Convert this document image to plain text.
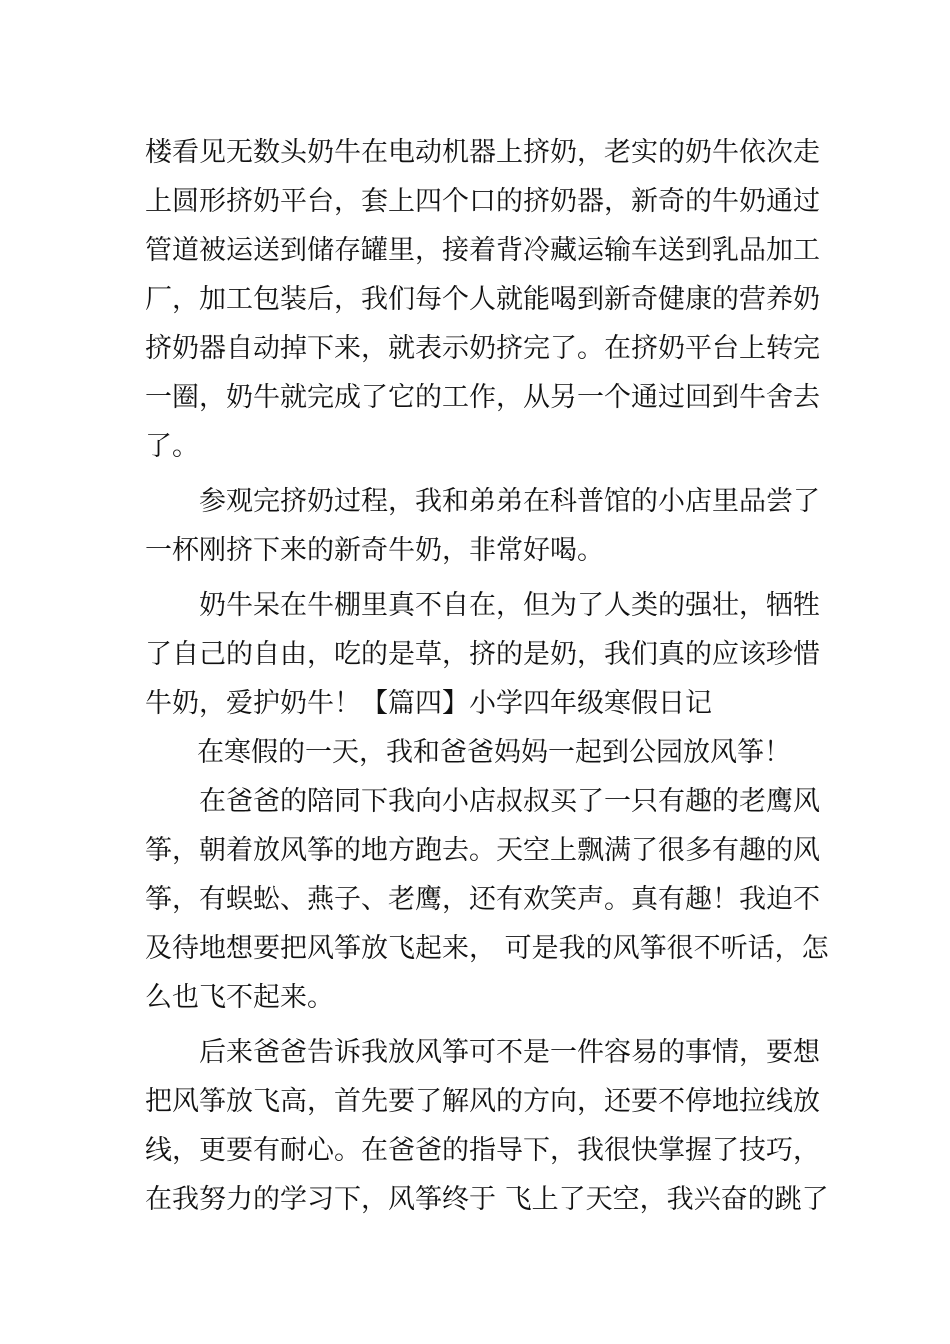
楼看见无数头奶牛在电动机器上挤奶，老实的奶牛依次走
上圆形挤奶平台，套上四个口的挤奶器，新奇的牛奶通过
管道被运送到储存罐里，接着背冷藏运输车送到乳品加工
厂，加工包装后，我们每个人就能喝到新奇健康的营养奶
挤奶器自动掉下来，就表示奶挤完了。在挤奶平台上转完
一圈，奶牛就完成了它的工作，从另一个通过回到牛舍去
了。
参观完挤奶过程，我和弟弟在科普馆的小店里品尝了
一杯刚挤下来的新奇牛奶，非常好喝。
奶牛呆在牛棚里真不自在，但为了人类的强壮，牺牲
了自己的自由，吃的是草，挤的是奶，我们真的应该珍惜
牛奶，爱护奶牛！【篇四】小学四年级寒假日记
在寒假的一天，我和爸爸妈妈一起到公园放风筝！
在爸爸的陪同下我向小店叔叔买了一只有趣的老鹰风
筝，朝着放风筝的地方跑去。天空上飘满了很多有趣的风
筝，有蜈蚣、燕子、老鹰，还有欢笑声。真有趣！我迫不
及待地想要把风筝放飞起来， 可是我的风筝很不听话，怎
么也飞不起来。
后来爸爸告诉我放风筝可不是一件容易的事情，要想
把风筝放飞高，首先要了解风的方向，还要不停地拉线放
线，更要有耐心。在爸爸的指导下，我很快掌握了技巧，
在我努力的学习下，风筝终于 飞上了天空，我兴奋的跳了
